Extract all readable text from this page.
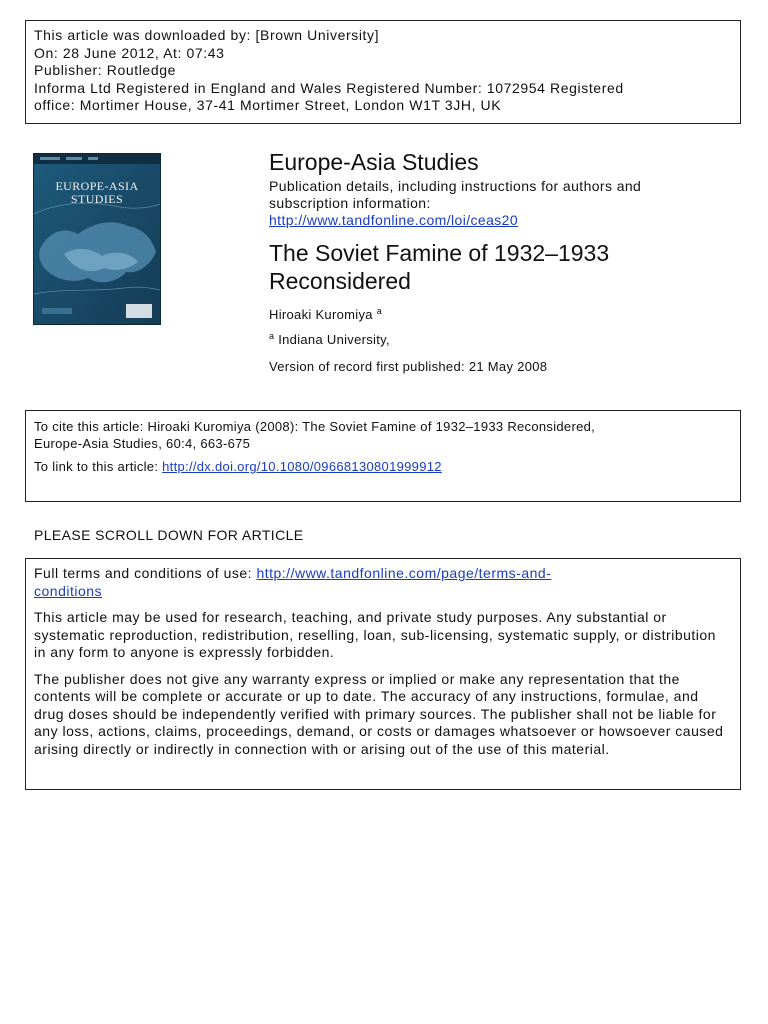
This article was downloaded by: [Brown University]
On: 28 June 2012, At: 07:43
Publisher: Routledge
Informa Ltd Registered in England and Wales Registered Number: 1072954 Registered
office: Mortimer House, 37-41 Mortimer Street, London W1T 3JH, UK
EUROPE-ASIA
STUDIES
Europe-Asia Studies
Publication details, including instructions for authors and
subscription information:
http://www.tandfonline.com/loi/ceas20
The Soviet Famine of 1932–1933
Reconsidered
Hiroaki Kuromiya $^a$
$^a$ Indiana University,
Version of record first published: 21 May 2008
To cite this article: Hiroaki Kuromiya (2008): The Soviet Famine of 1932–1933 Reconsidered,
Europe-Asia Studies, 60:4, 663-675
To link to this article: http://dx.doi.org/10.1080/09668130801999912
PLEASE SCROLL DOWN FOR ARTICLE

Full terms and conditions of use: http://www.tandfonline.com/page/terms-and-
conditions

This article may be used for research, teaching, and private study purposes. Any substantial or systematic reproduction, redistribution, reselling, loan, sub-licensing, systematic supply, or distribution in any form to anyone is expressly forbidden.

The publisher does not give any warranty express or implied or make any representation that the contents will be complete or accurate or up to date. The accuracy of any instructions, formulae, and drug doses should be independently verified with primary sources. The publisher shall not be liable for any loss, actions, claims, proceedings, demand, or costs or damages whatsoever or howsoever caused arising directly or indirectly in connection with or arising out of the use of this material.
